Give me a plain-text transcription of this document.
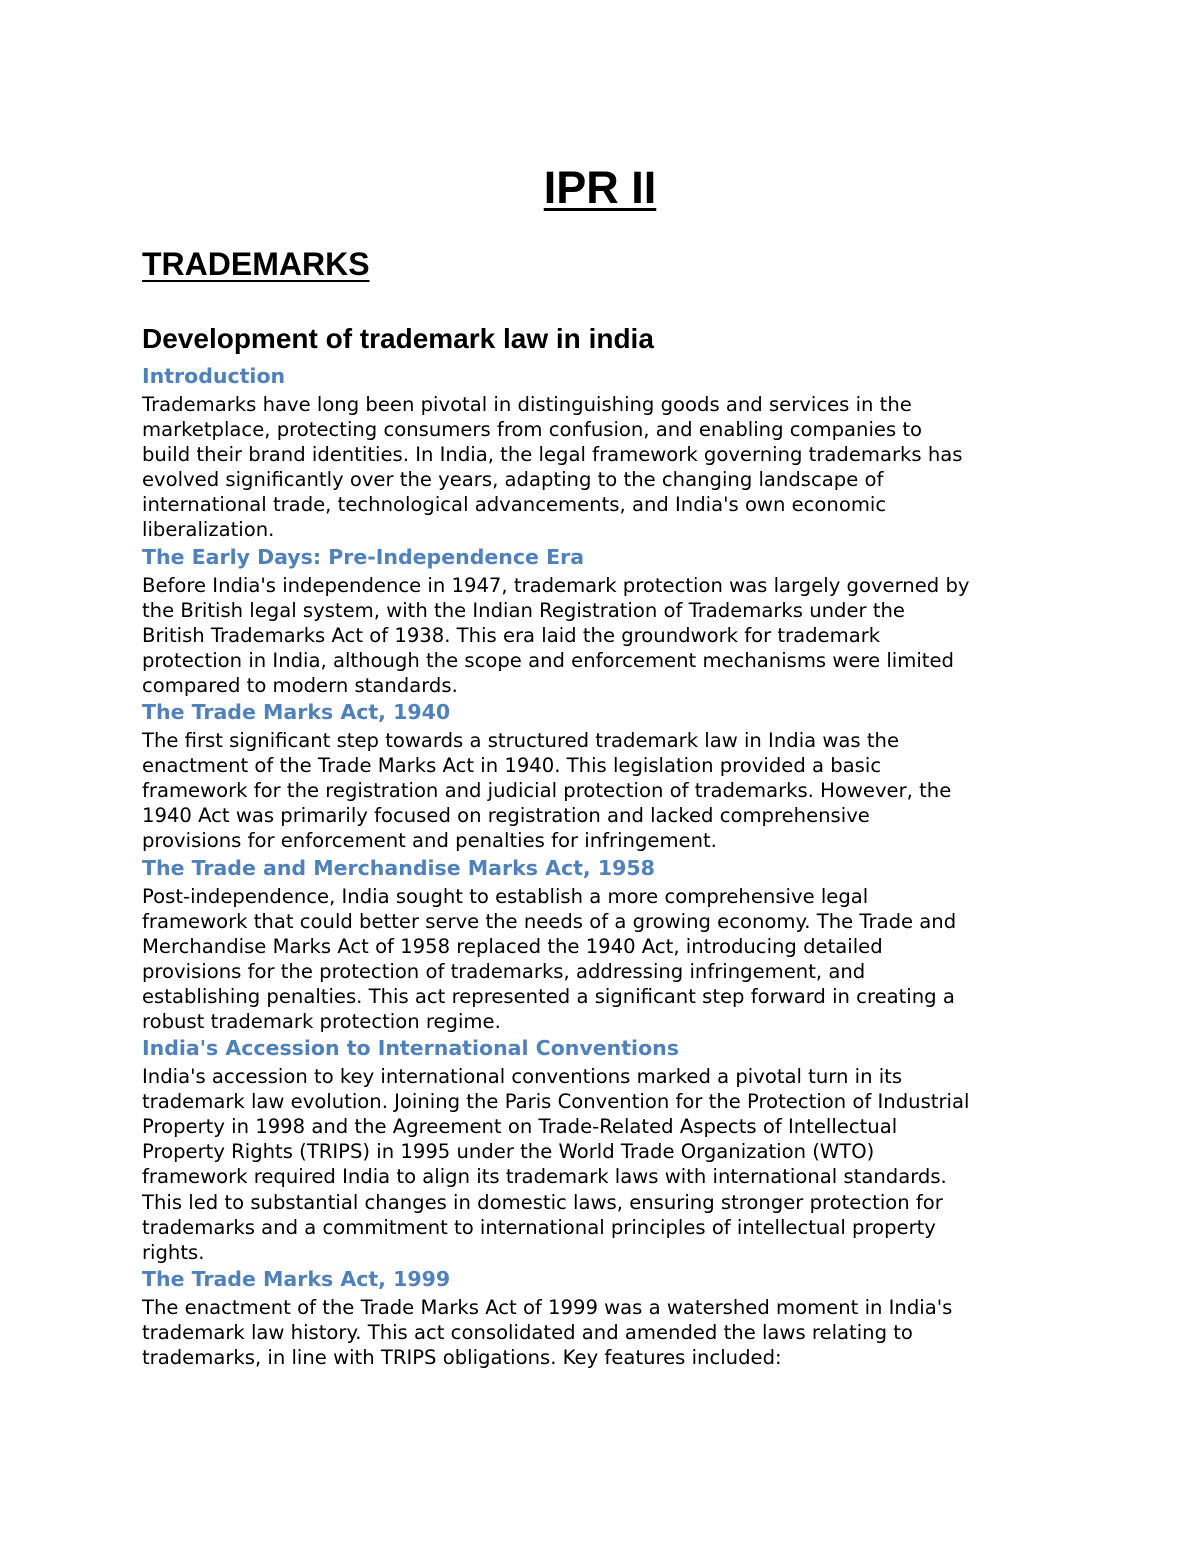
IPR II
TRADEMARKS
Development of trademark law in india
Introduction

Trademarks have long been pivotal in distinguishing goods and services in the
marketplace, protecting consumers from confusion, and enabling companies to
build their brand identities. In India, the legal framework governing trademarks has
evolved significantly over the years, adapting to the changing landscape of
international trade, technological advancements, and India's own economic
liberalization.

The Early Days: Pre-Independence Era

Before India's independence in 1947, trademark protection was largely governed by
the British legal system, with the Indian Registration of Trademarks under the
British Trademarks Act of 1938. This era laid the groundwork for trademark
protection in India, although the scope and enforcement mechanisms were limited
compared to modern standards.

The Trade Marks Act, 1940

The first significant step towards a structured trademark law in India was the
enactment of the Trade Marks Act in 1940. This legislation provided a basic
framework for the registration and judicial protection of trademarks. However, the
1940 Act was primarily focused on registration and lacked comprehensive
provisions for enforcement and penalties for infringement.

The Trade and Merchandise Marks Act, 1958

Post-independence, India sought to establish a more comprehensive legal
framework that could better serve the needs of a growing economy. The Trade and
Merchandise Marks Act of 1958 replaced the 1940 Act, introducing detailed
provisions for the protection of trademarks, addressing infringement, and
establishing penalties. This act represented a significant step forward in creating a
robust trademark protection regime.

India's Accession to International Conventions

India's accession to key international conventions marked a pivotal turn in its
trademark law evolution. Joining the Paris Convention for the Protection of Industrial
Property in 1998 and the Agreement on Trade-Related Aspects of Intellectual
Property Rights (TRIPS) in 1995 under the World Trade Organization (WTO)
framework required India to align its trademark laws with international standards.
This led to substantial changes in domestic laws, ensuring stronger protection for
trademarks and a commitment to international principles of intellectual property
rights.

The Trade Marks Act, 1999

The enactment of the Trade Marks Act of 1999 was a watershed moment in India's
trademark law history. This act consolidated and amended the laws relating to
trademarks, in line with TRIPS obligations. Key features included:
